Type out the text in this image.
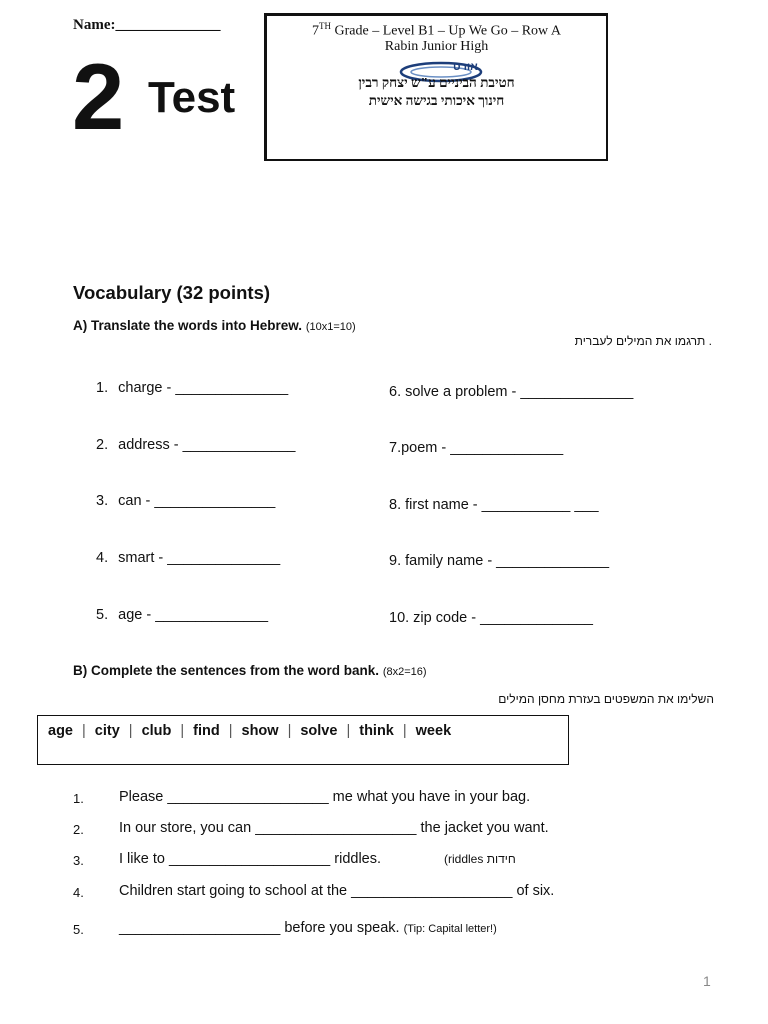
Name:______________
2 Test
7TH Grade – Level B1 – Up We Go – Row A
Rabin Junior High
אורט
חטיבת הביניים ע"ש יצחק רבין
חינוך איכותי בגישה אישית
Vocabulary (32 points)
A) Translate the words into Hebrew. (10x1=10)
. תרגמו את המילים לעברית
1. charge - ______________
2. address - ______________
3. can - _______________
4. smart - ______________
5. age - ______________
6. solve a problem - ______________
7.poem - ______________
8. first name - ___________ ___
9. family name - ______________
10. zip code - ______________
B) Complete the sentences from the word bank. (8x2=16)
השלימו את המשפטים בעזרת מחסן המילים
age | city | club | find | show | solve | think | week
1. Please ____________________ me what you have in your bag.
2. In our store, you can ____________________ the jacket you want.
3. I like to ____________________ riddles.	(riddles חידות
4. Children start going to school at the ____________________ of six.
5. ____________________ before you speak. (Tip: Capital letter!)
1
